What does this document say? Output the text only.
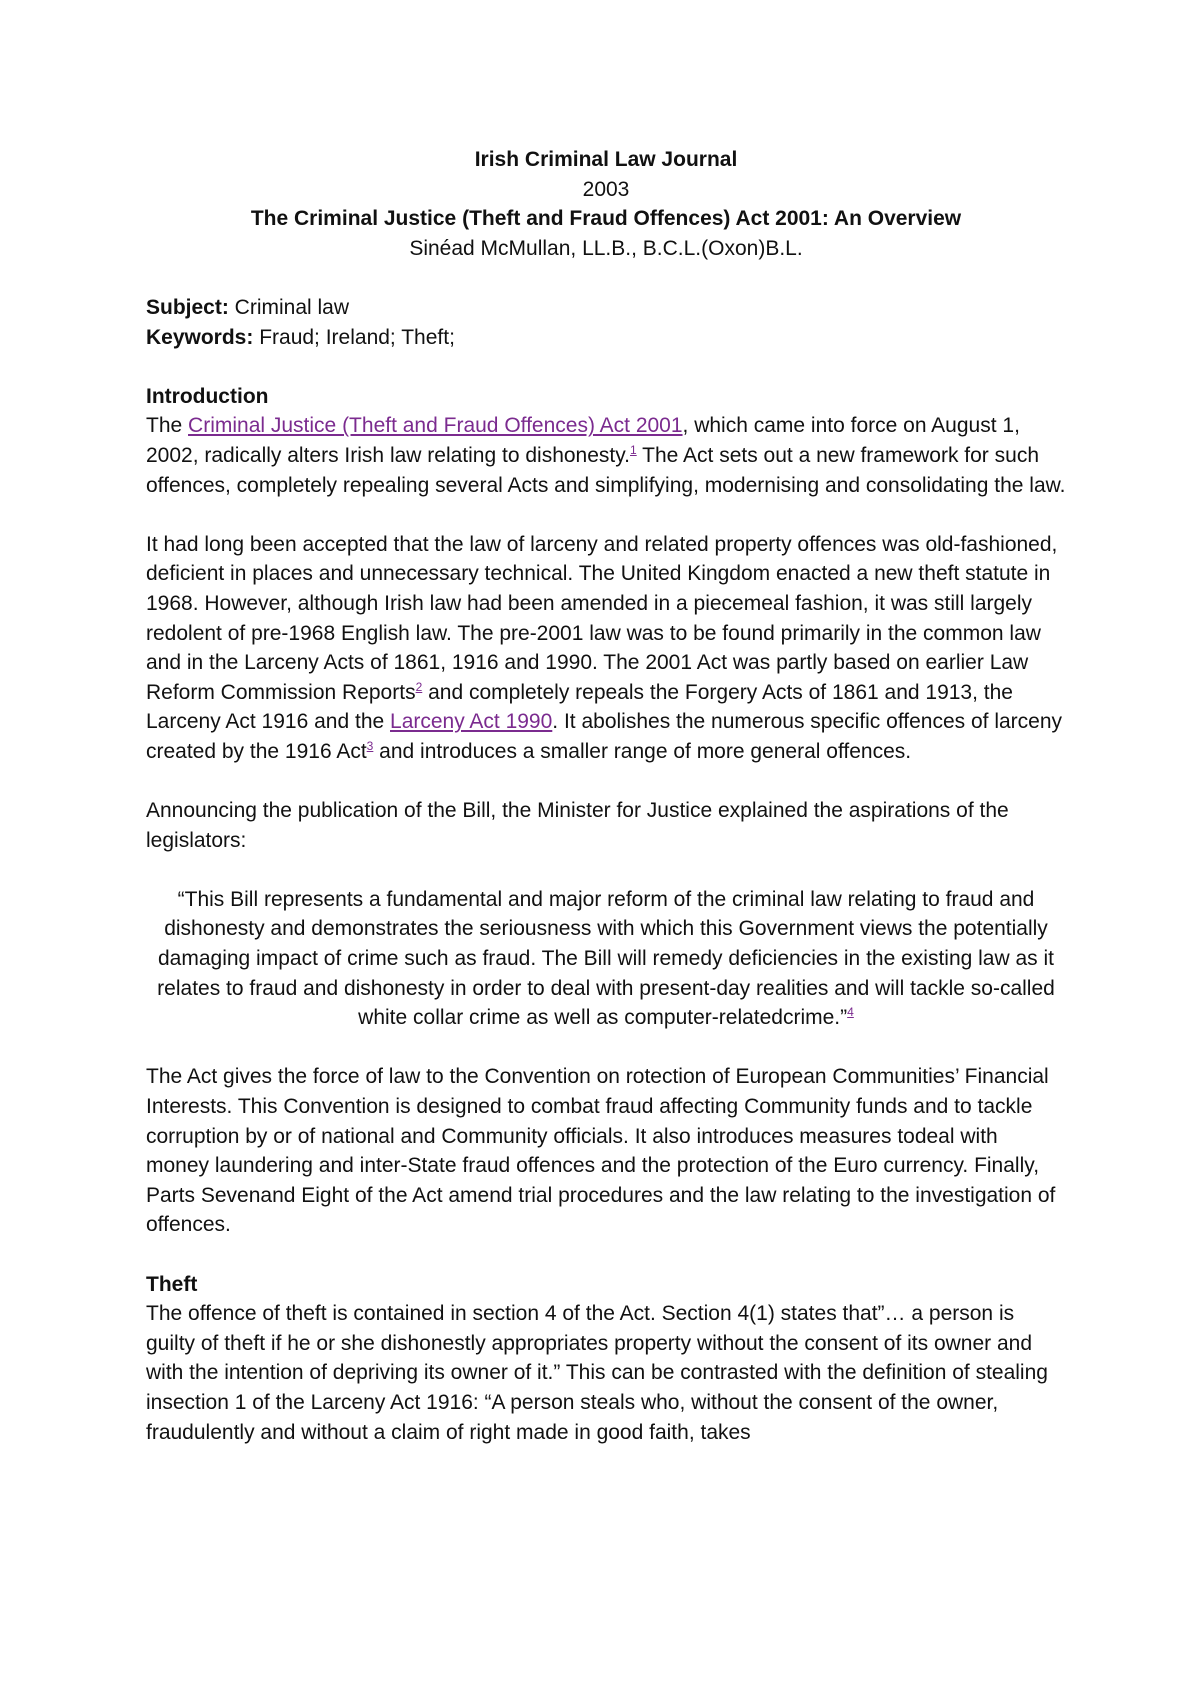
Irish Criminal Law Journal
2003
The Criminal Justice (Theft and Fraud Offences) Act 2001: An Overview
Sinéad McMullan, LL.B., B.C.L.(Oxon)B.L.

Subject: Criminal law

Keywords: Fraud; Ireland; Theft;

Introduction

The Criminal Justice (Theft and Fraud Offences) Act 2001, which came into force on August 1, 2002, radically alters Irish law relating to dishonesty.$^1$ The Act sets out a new framework for such offences, completely repealing several Acts and simplifying, modernising and consolidating the law.

It had long been accepted that the law of larceny and related property offences was old-fashioned, deficient in places and unnecessary technical. The United Kingdom enacted a new theft statute in 1968. However, although Irish law had been amended in a piecemeal fashion, it was still largely redolent of pre-1968 English law. The pre-2001 law was to be found primarily in the common law and in the Larceny Acts of 1861, 1916 and 1990. The 2001 Act was partly based on earlier Law Reform Commission Reports$^2$ and completely repeals the Forgery Acts of 1861 and 1913, the Larceny Act 1916 and the Larceny Act 1990. It abolishes the numerous specific offences of larceny created by the 1916 Act$^3$ and introduces a smaller range of more general offences.

Announcing the publication of the Bill, the Minister for Justice explained the aspirations of the legislators:

“This Bill represents a fundamental and major reform of the criminal law relating to fraud and dishonesty and demonstrates the seriousness with which this Government views the potentially damaging impact of crime such as fraud. The Bill will remedy deficiencies in the existing law as it relates to fraud and dishonesty in order to deal with present-day realities and will tackle so-called white collar crime as well as computer-relatedcrime.”$^4$

The Act gives the force of law to the Convention on rotection of European Communities’ Financial Interests. This Convention is designed to combat fraud affecting Community funds and to tackle corruption by or of national and Community officials. It also introduces measures todeal with money laundering and inter-State fraud offences and the protection of the Euro currency. Finally, Parts Sevenand Eight of the Act amend trial procedures and the law relating to the investigation of offences.

Theft

The offence of theft is contained in section 4 of the Act. Section 4(1) states that”… a person is guilty of theft if he or she dishonestly appropriates property without the consent of its owner and with the intention of depriving its owner of it.” This can be contrasted with the definition of stealing insection 1 of the Larceny Act 1916: “A person steals who, without the consent of the owner, fraudulently and without a claim of right made in good faith, takes
